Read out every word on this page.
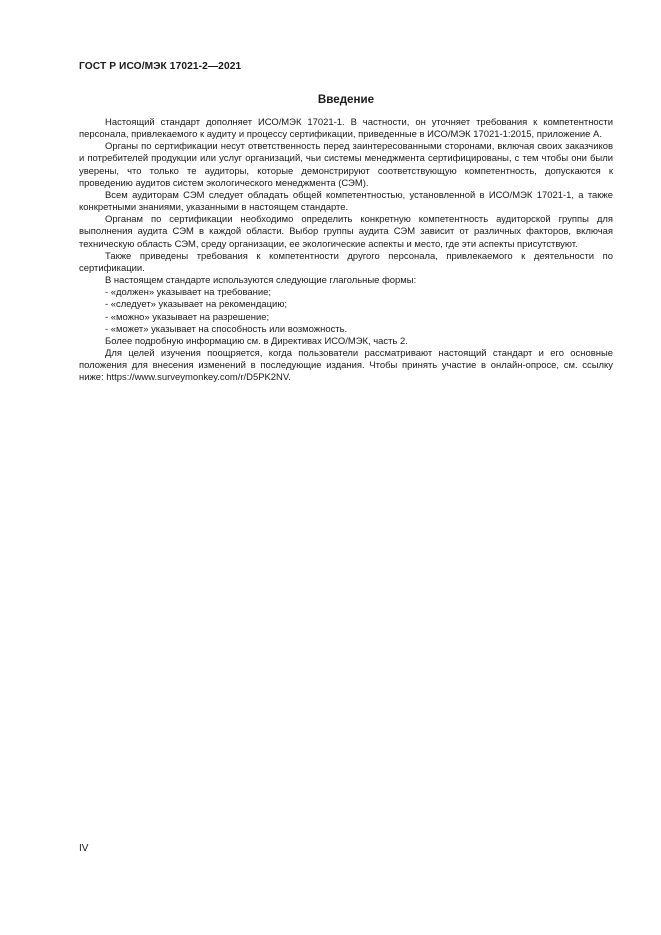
ГОСТ Р ИСО/МЭК 17021-2—2021
Введение

Настоящий стандарт дополняет ИСО/МЭК 17021-1. В частности, он уточняет требования к компетентности персонала, привлекаемого к аудиту и процессу сертификации, приведенные в ИСО/МЭК 17021-1:2015, приложение А.

Органы по сертификации несут ответственность перед заинтересованными сторонами, включая своих заказчиков и потребителей продукции или услуг организаций, чьи системы менеджмента сертифицированы, с тем чтобы они были уверены, что только те аудиторы, которые демонстрируют соответствующую компетентность, допускаются к проведению аудитов систем экологического менеджмента (СЭМ).

Всем аудиторам СЭМ следует обладать общей компетентностью, установленной в ИСО/МЭК 17021-1, а также конкретными знаниями, указанными в настоящем стандарте.

Органам по сертификации необходимо определить конкретную компетентность аудиторской группы для выполнения аудита СЭМ в каждой области. Выбор группы аудита СЭМ зависит от различных факторов, включая техническую область СЭМ, среду организации, ее экологические аспекты и место, где эти аспекты присутствуют.

Также приведены требования к компетентности другого персонала, привлекаемого к деятельности по сертификации.

В настоящем стандарте используются следующие глагольные формы:

- «должен» указывает на требование;

- «следует» указывает на рекомендацию;

- «можно» указывает на разрешение;

- «может» указывает на способность или возможность.

Более подробную информацию см. в Директивах ИСО/МЭК, часть 2.

Для целей изучения поощряется, когда пользователи рассматривают настоящий стандарт и его основные положения для внесения изменений в последующие издания. Чтобы принять участие в онлайн-опросе, см. ссылку ниже: https://www.surveymonkey.com/r/D5PK2NV.

IV
